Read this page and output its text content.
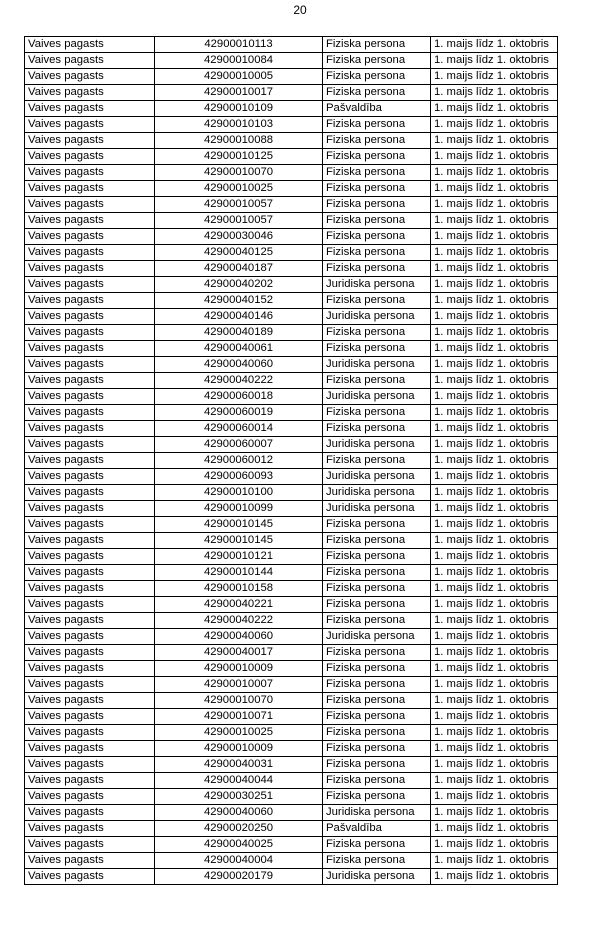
20
Vaives pagasts	42900010113	Fiziska persona	1. maijs līdz 1. oktobris
Vaives pagasts	42900010084	Fiziska persona	1. maijs līdz 1. oktobris
Vaives pagasts	42900010005	Fiziska persona	1. maijs līdz 1. oktobris
Vaives pagasts	42900010017	Fiziska persona	1. maijs līdz 1. oktobris
Vaives pagasts	42900010109	Pašvaldība	1. maijs līdz 1. oktobris
Vaives pagasts	42900010103	Fiziska persona	1. maijs līdz 1. oktobris
Vaives pagasts	42900010088	Fiziska persona	1. maijs līdz 1. oktobris
Vaives pagasts	42900010125	Fiziska persona	1. maijs līdz 1. oktobris
Vaives pagasts	42900010070	Fiziska persona	1. maijs līdz 1. oktobris
Vaives pagasts	42900010025	Fiziska persona	1. maijs līdz 1. oktobris
Vaives pagasts	42900010057	Fiziska persona	1. maijs līdz 1. oktobris
Vaives pagasts	42900010057	Fiziska persona	1. maijs līdz 1. oktobris
Vaives pagasts	42900030046	Fiziska persona	1. maijs līdz 1. oktobris
Vaives pagasts	42900040125	Fiziska persona	1. maijs līdz 1. oktobris
Vaives pagasts	42900040187	Fiziska persona	1. maijs līdz 1. oktobris
Vaives pagasts	42900040202	Juridiska persona	1. maijs līdz 1. oktobris
Vaives pagasts	42900040152	Fiziska persona	1. maijs līdz 1. oktobris
Vaives pagasts	42900040146	Juridiska persona	1. maijs līdz 1. oktobris
Vaives pagasts	42900040189	Fiziska persona	1. maijs līdz 1. oktobris
Vaives pagasts	42900040061	Fiziska persona	1. maijs līdz 1. oktobris
Vaives pagasts	42900040060	Juridiska persona	1. maijs līdz 1. oktobris
Vaives pagasts	42900040222	Fiziska persona	1. maijs līdz 1. oktobris
Vaives pagasts	42900060018	Juridiska persona	1. maijs līdz 1. oktobris
Vaives pagasts	42900060019	Fiziska persona	1. maijs līdz 1. oktobris
Vaives pagasts	42900060014	Fiziska persona	1. maijs līdz 1. oktobris
Vaives pagasts	42900060007	Juridiska persona	1. maijs līdz 1. oktobris
Vaives pagasts	42900060012	Fiziska persona	1. maijs līdz 1. oktobris
Vaives pagasts	42900060093	Juridiska persona	1. maijs līdz 1. oktobris
Vaives pagasts	42900010100	Juridiska persona	1. maijs līdz 1. oktobris
Vaives pagasts	42900010099	Juridiska persona	1. maijs līdz 1. oktobris
Vaives pagasts	42900010145	Fiziska persona	1. maijs līdz 1. oktobris
Vaives pagasts	42900010145	Fiziska persona	1. maijs līdz 1. oktobris
Vaives pagasts	42900010121	Fiziska persona	1. maijs līdz 1. oktobris
Vaives pagasts	42900010144	Fiziska persona	1. maijs līdz 1. oktobris
Vaives pagasts	42900010158	Fiziska persona	1. maijs līdz 1. oktobris
Vaives pagasts	42900040221	Fiziska persona	1. maijs līdz 1. oktobris
Vaives pagasts	42900040222	Fiziska persona	1. maijs līdz 1. oktobris
Vaives pagasts	42900040060	Juridiska persona	1. maijs līdz 1. oktobris
Vaives pagasts	42900040017	Fiziska persona	1. maijs līdz 1. oktobris
Vaives pagasts	42900010009	Fiziska persona	1. maijs līdz 1. oktobris
Vaives pagasts	42900010007	Fiziska persona	1. maijs līdz 1. oktobris
Vaives pagasts	42900010070	Fiziska persona	1. maijs līdz 1. oktobris
Vaives pagasts	42900010071	Fiziska persona	1. maijs līdz 1. oktobris
Vaives pagasts	42900010025	Fiziska persona	1. maijs līdz 1. oktobris
Vaives pagasts	42900010009	Fiziska persona	1. maijs līdz 1. oktobris
Vaives pagasts	42900040031	Fiziska persona	1. maijs līdz 1. oktobris
Vaives pagasts	42900040044	Fiziska persona	1. maijs līdz 1. oktobris
Vaives pagasts	42900030251	Fiziska persona	1. maijs līdz 1. oktobris
Vaives pagasts	42900040060	Juridiska persona	1. maijs līdz 1. oktobris
Vaives pagasts	42900020250	Pašvaldība	1. maijs līdz 1. oktobris
Vaives pagasts	42900040025	Fiziska persona	1. maijs līdz 1. oktobris
Vaives pagasts	42900040004	Fiziska persona	1. maijs līdz 1. oktobris
Vaives pagasts	42900020179	Juridiska persona	1. maijs līdz 1. oktobris
